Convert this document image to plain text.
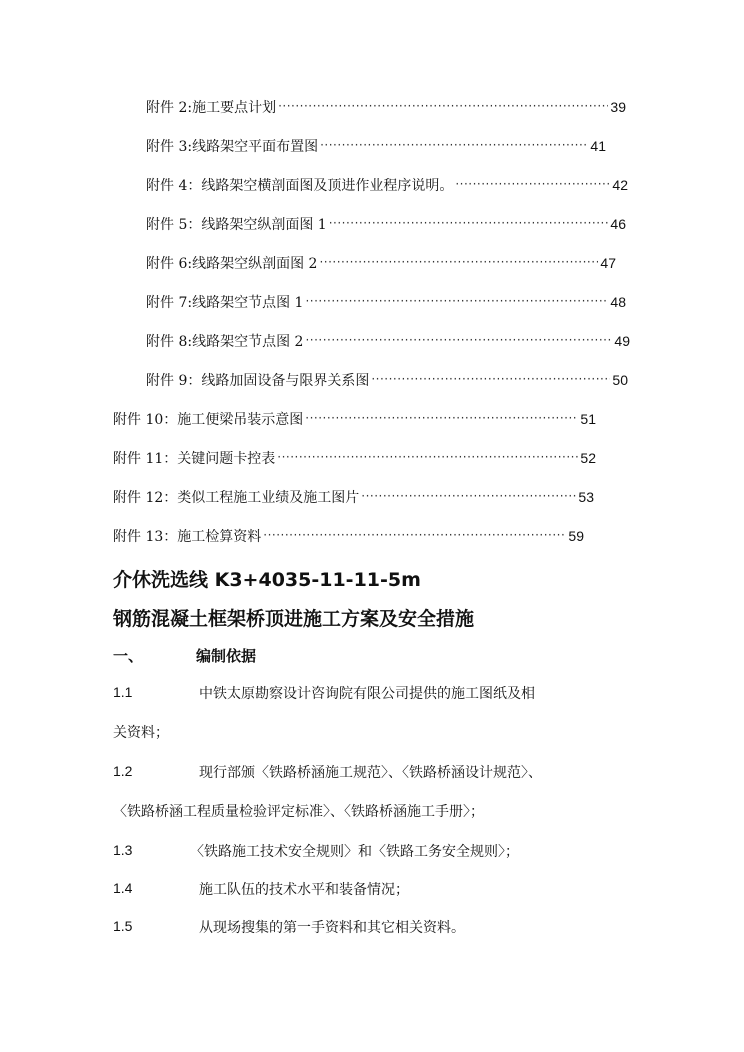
附件 2:施工要点计划 ·····	39
附件 3:线路架空平面布置图 ·····	41
附件 4：线路架空横剖面图及顶进作业程序说明。 ·····	42
附件 5：线路架空纵剖面图 1 ·····	46
附件 6:线路架空纵剖面图 2 ·····	47
附件 7:线路架空节点图 1 ·····	48
附件 8:线路架空节点图 2 ·····	49
附件 9：线路加固设备与限界关系图 ·····	50
附件 10：施工便梁吊装示意图 ·····	51
附件 11：关键问题卡控表 ·····	52
附件 12：类似工程施工业绩及施工图片 ·····	53
附件 13：施工检算资料 ·····	59
介休洗选线 K3+4035-11-11-5m
钢筋混凝土框架桥顶进施工方案及安全措施
一、	编制依据
1.1	中铁太原勘察设计咨询院有限公司提供的施工图纸及相
关资料；
1.2	现行部颁〈铁路桥涵施工规范〉、〈铁路桥涵设计规范〉、
〈铁路桥涵工程质量检验评定标准〉、〈铁路桥涵施工手册〉；
1.3	〈铁路施工技术安全规则〉和〈铁路工务安全规则〉；
1.4	施工队伍的技术水平和装备情况；
1.5	从现场搜集的第一手资料和其它相关资料。
